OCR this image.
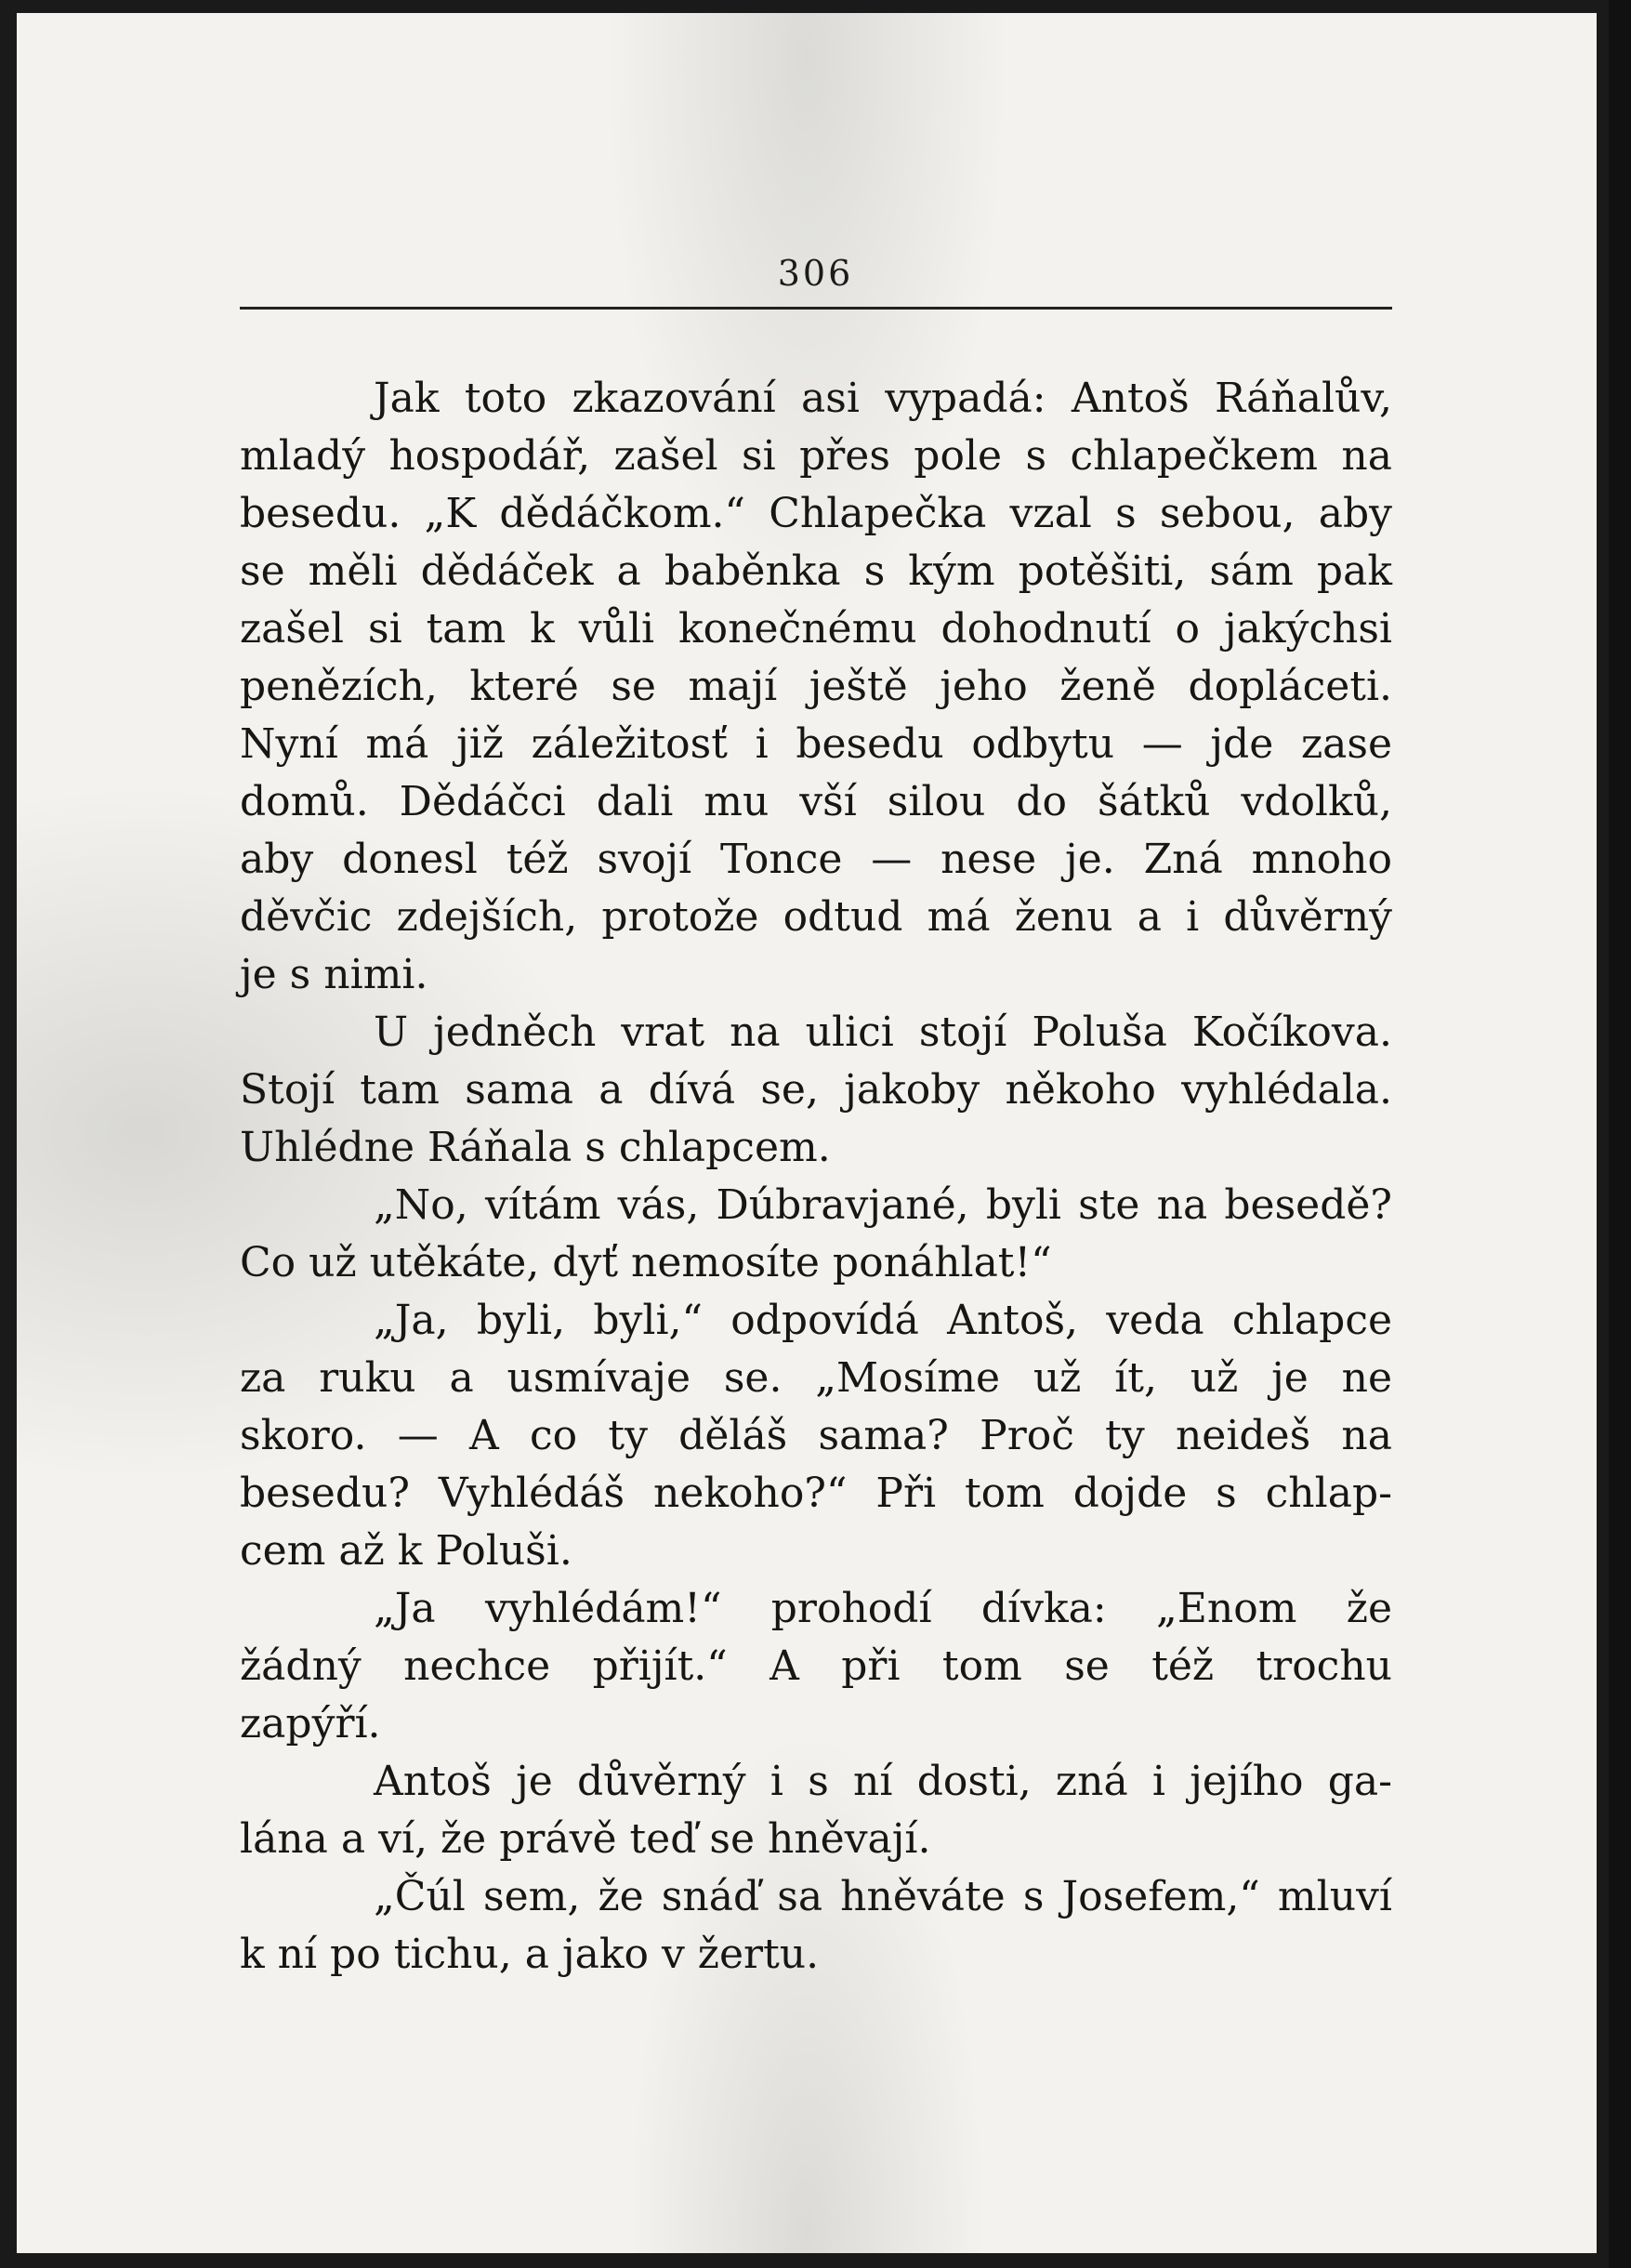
306
Jak toto zkazování asi vypadá: Antoš Ráňalův,
mladý hospodář, zašel si přes pole s chlapečkem na
besedu. „K dědáčkom.“ Chlapečka vzal s sebou, aby
se měli dědáček a baběnka s kým potěšiti, sám pak
zašel si tam k vůli konečnému dohodnutí o jakýchsi
penězích, které se mají ještě jeho ženě dopláceti.
Nyní má již záležitosť i besedu odbytu — jde zase
domů. Dědáčci dali mu vší silou do šátků vdolků,
aby donesl též svojí Tonce — nese je. Zná mnoho
děvčic zdejších, protože odtud má ženu a i důvěrný
je s nimi.
U jedněch vrat na ulici stojí Poluša Kočíkova.
Stojí tam sama a dívá se, jakoby někoho vyhlédala.
Uhlédne Ráňala s chlapcem.
„No, vítám vás, Dúbravjané, byli ste na besedě?
Co už utěkáte, dyť nemosíte ponáhlat!“
„Ja, byli, byli,“ odpovídá Antoš, veda chlapce
za ruku a usmívaje se. „Mosíme už ít, už je ne
skoro. — A co ty děláš sama? Proč ty neideš na
besedu? Vyhlédáš nekoho?“ Při tom dojde s chlap-
cem až k Poluši.
„Ja vyhlédám!“ prohodí dívka: „Enom že
žádný nechce přijít.“ A při tom se též trochu
zapýří.
Antoš je důvěrný i s ní dosti, zná i jejího ga-
lána a ví, že právě teď se hněvají.
„Čúl sem, že snáď sa hněváte s Josefem,“ mluví
k ní po tichu, a jako v žertu.
